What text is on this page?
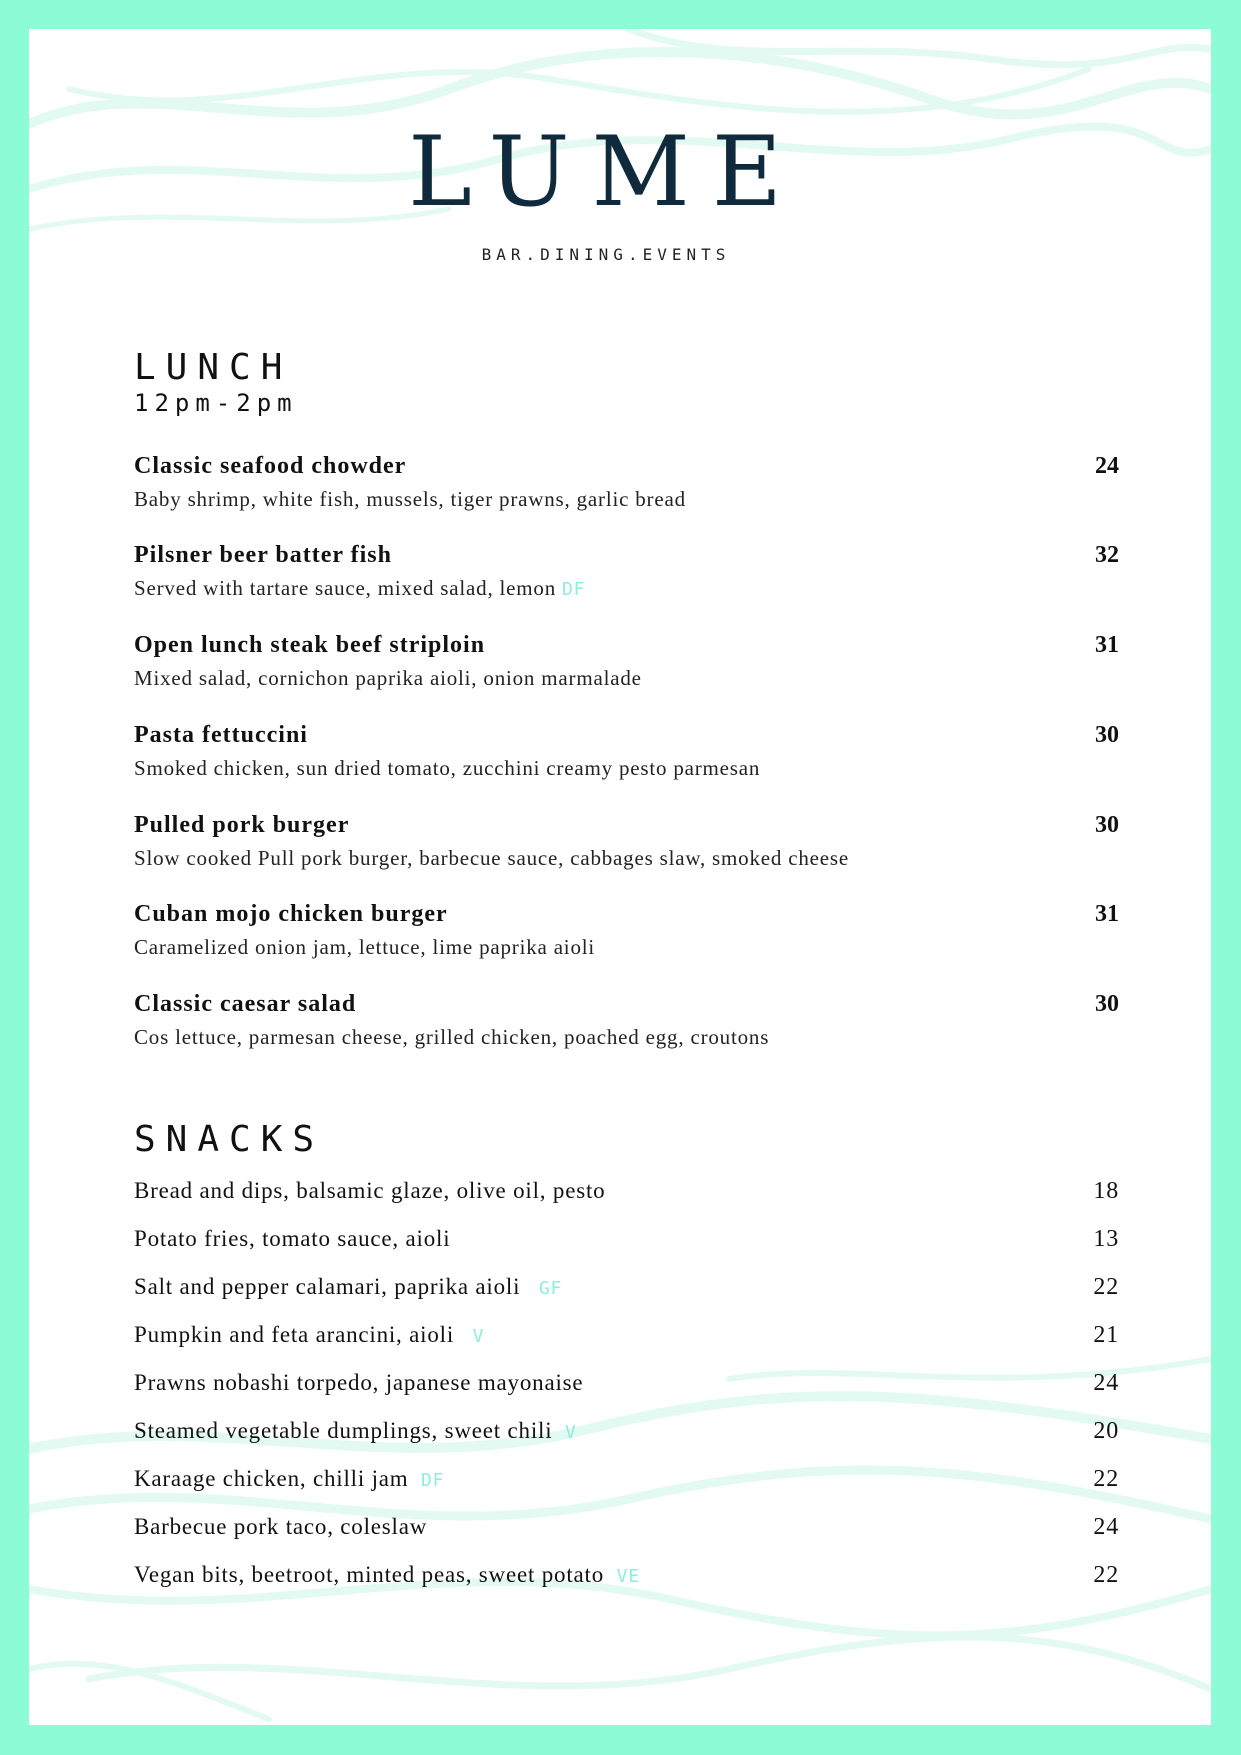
LUME
BAR.DINING.EVENTS
LUNCH
12pm-2pm
Classic seafood chowder
Baby shrimp, white fish, mussels, tiger prawns, garlic bread
24
Pilsner beer batter fish
Served with tartare sauce, mixed salad, lemon DF
32
Open lunch steak beef striploin
Mixed salad, cornichon paprika aioli, onion marmalade
31
Pasta fettuccini
Smoked chicken, sun dried tomato, zucchini creamy pesto parmesan
30
Pulled pork burger
Slow cooked Pull pork burger, barbecue sauce, cabbages slaw, smoked cheese
30
Cuban mojo chicken burger
Caramelized onion jam, lettuce, lime paprika aioli
31
Classic caesar salad
Cos lettuce, parmesan cheese, grilled chicken, poached egg, croutons
30
SNACKS
Bread and dips, balsamic glaze, olive oil, pesto	18
Potato fries, tomato sauce, aioli	13
Salt and pepper calamari, paprika aioli GF	22
Pumpkin and feta arancini, aioli V	21
Prawns nobashi torpedo, japanese mayonaise	24
Steamed vegetable dumplings, sweet chili V	20
Karaage chicken, chilli jam DF	22
Barbecue pork taco, coleslaw	24
Vegan bits, beetroot, minted peas, sweet potato VE	22
